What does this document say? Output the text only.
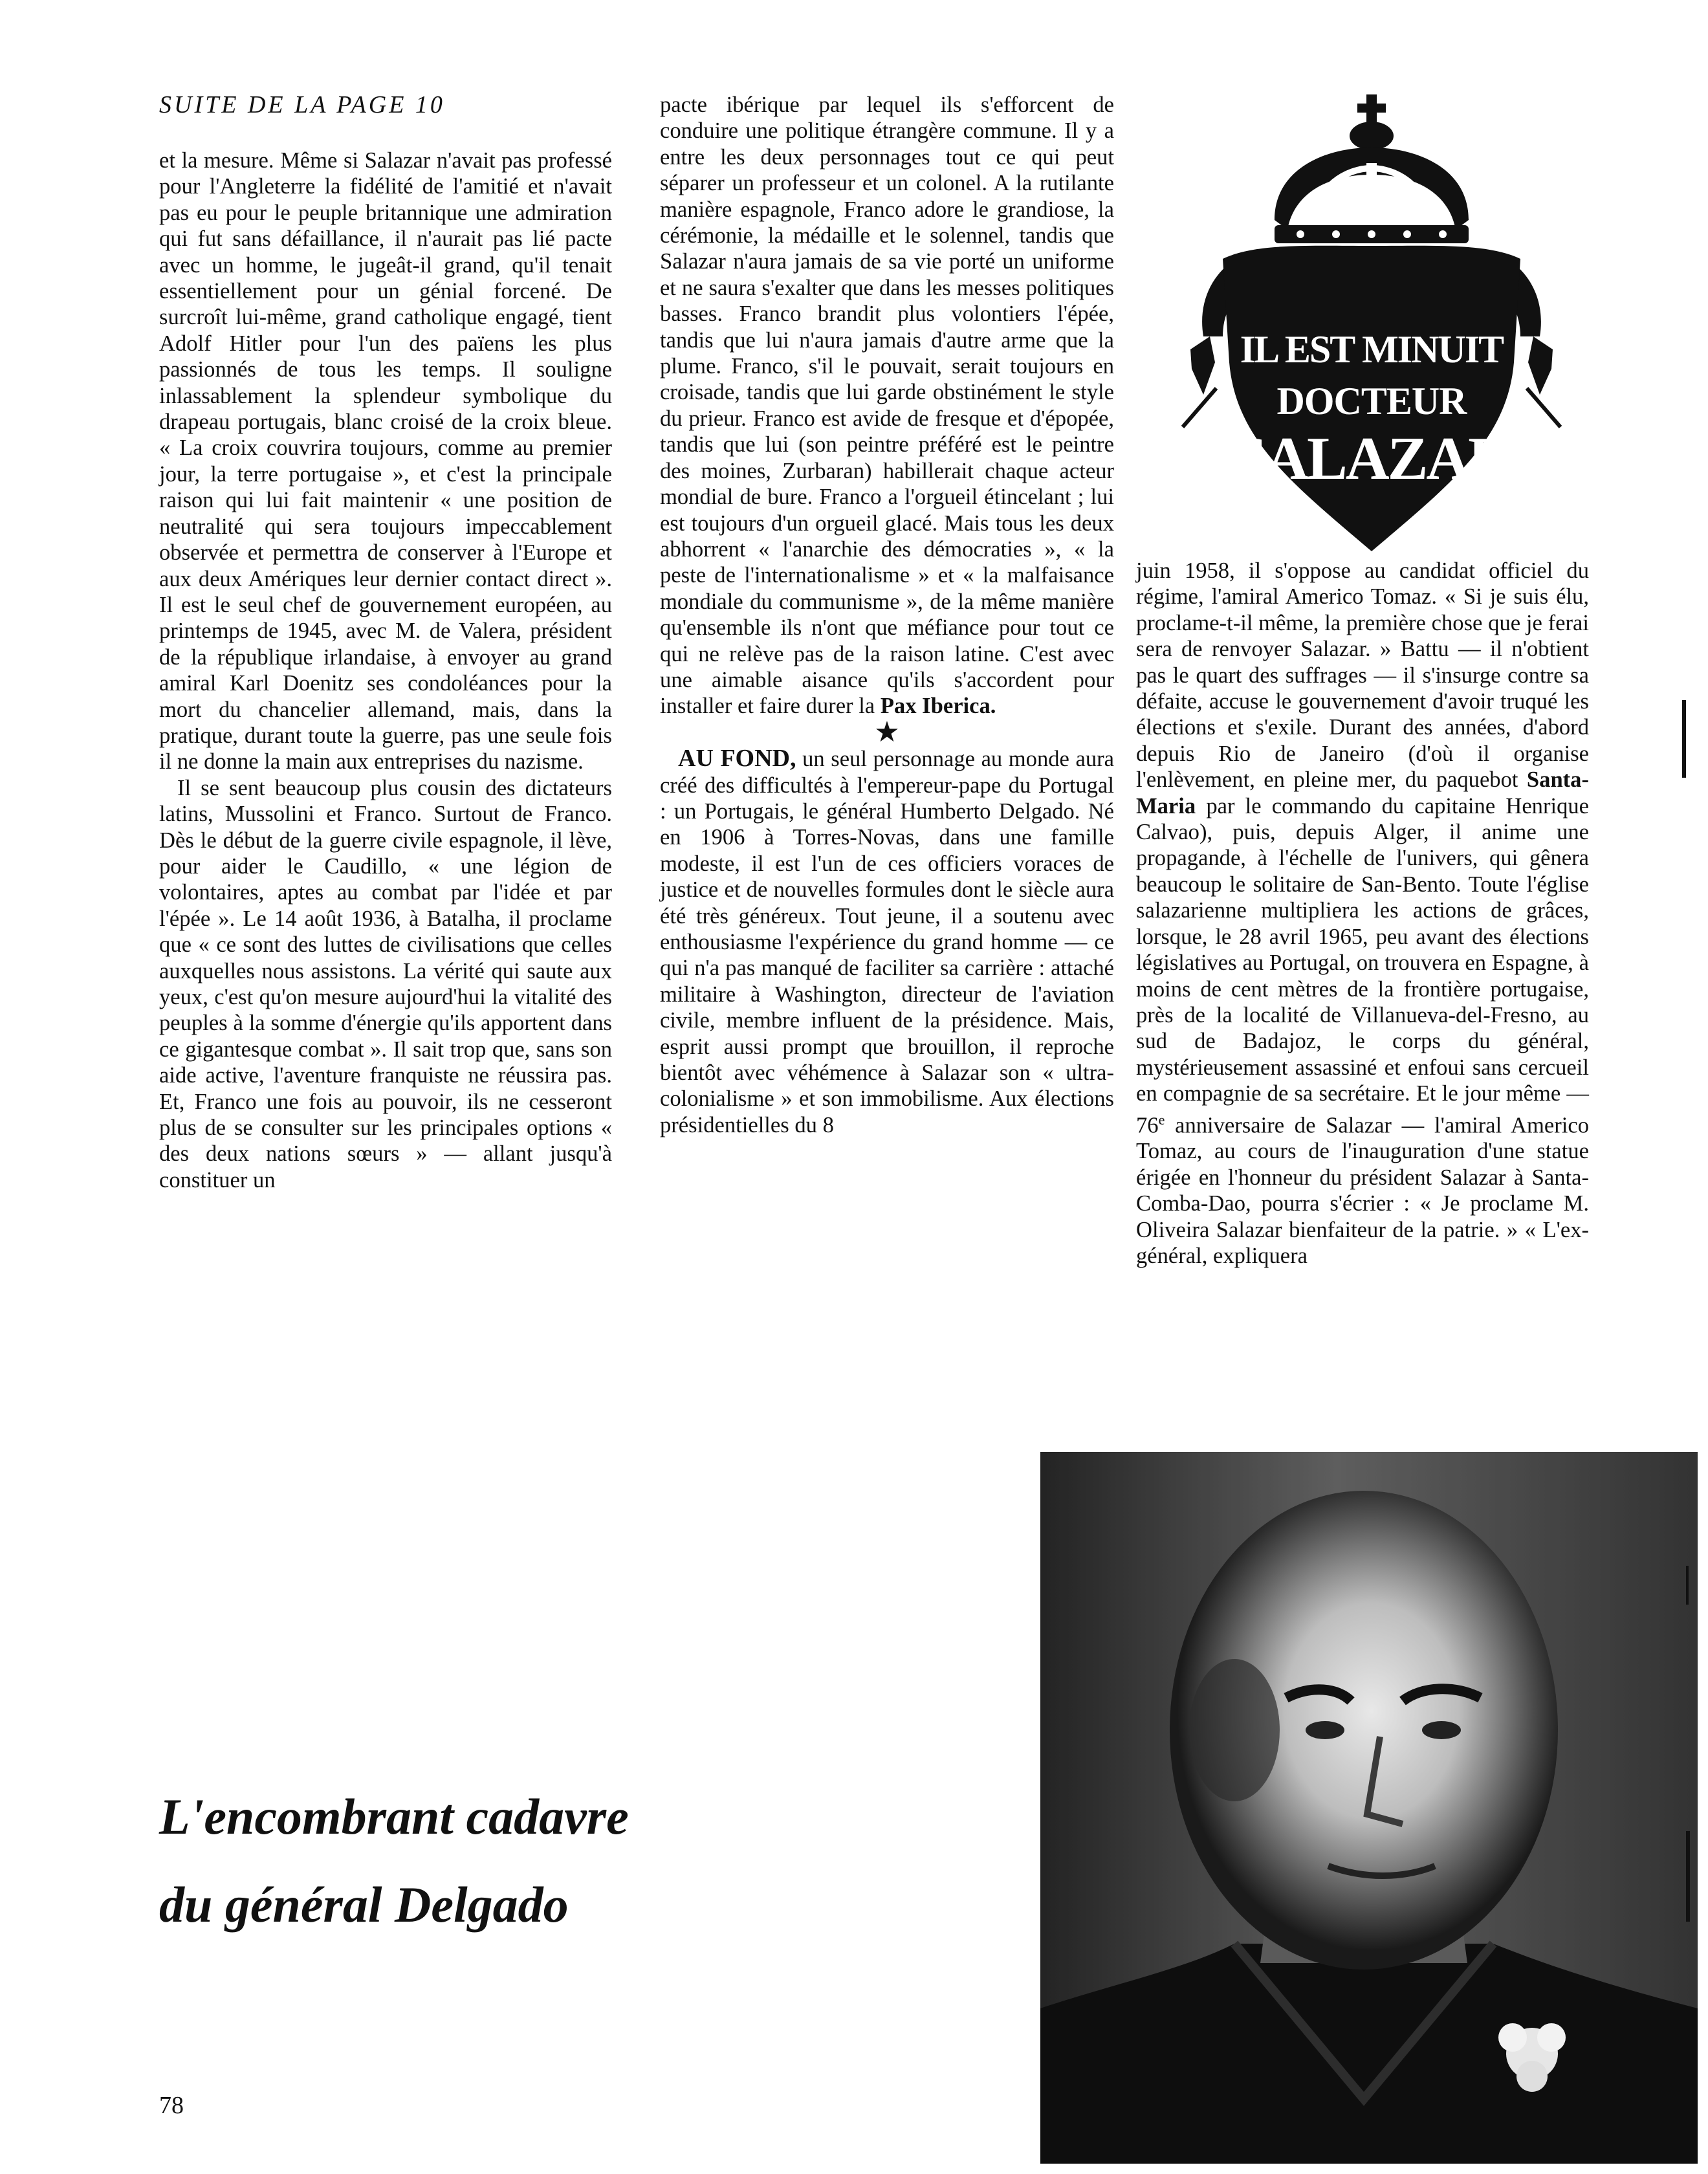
SUITE DE LA PAGE 10

et la mesure. Même si Salazar n'avait pas professé pour l'Angleterre la fidélité de l'amitié et n'avait pas eu pour le peuple britannique une admiration qui fut sans défaillance, il n'aurait pas lié pacte avec un homme, le jugeât-il grand, qu'il tenait essentiellement pour un génial forcené. De surcroît lui-même, grand catholique engagé, tient Adolf Hitler pour l'un des païens les plus passionnés de tous les temps. Il souligne inlassablement la splendeur symbolique du drapeau portugais, blanc croisé de la croix bleue. « La croix couvrira toujours, comme au premier jour, la terre portugaise », et c'est la principale raison qui lui fait maintenir « une position de neutralité qui sera toujours impeccablement observée et permettra de conserver à l'Europe et aux deux Amériques leur dernier contact direct ». Il est le seul chef de gouvernement européen, au printemps de 1945, avec M. de Valera, président de la république irlandaise, à envoyer au grand amiral Karl Doenitz ses condoléances pour la mort du chancelier allemand, mais, dans la pratique, durant toute la guerre, pas une seule fois il ne donne la main aux entreprises du nazisme.

Il se sent beaucoup plus cousin des dictateurs latins, Mussolini et Franco. Surtout de Franco. Dès le début de la guerre civile espagnole, il lève, pour aider le Caudillo, « une légion de volontaires, aptes au combat par l'idée et par l'épée ». Le 14 août 1936, à Batalha, il proclame que « ce sont des luttes de civilisations que celles auxquelles nous assistons. La vérité qui saute aux yeux, c'est qu'on mesure aujourd'hui la vitalité des peuples à la somme d'énergie qu'ils apportent dans ce gigantesque combat ». Il sait trop que, sans son aide active, l'aventure franquiste ne réussira pas. Et, Franco une fois au pouvoir, ils ne cesseront plus de se consulter sur les principales options « des deux nations sœurs » — allant jusqu'à constituer un

pacte ibérique par lequel ils s'efforcent de conduire une politique étrangère commune. Il y a entre les deux personnages tout ce qui peut séparer un professeur et un colonel. A la rutilante manière espagnole, Franco adore le grandiose, la cérémonie, la médaille et le solennel, tandis que Salazar n'aura jamais de sa vie porté un uniforme et ne saura s'exalter que dans les messes politiques basses. Franco brandit plus volontiers l'épée, tandis que lui n'aura jamais d'autre arme que la plume. Franco, s'il le pouvait, serait toujours en croisade, tandis que lui garde obstinément le style du prieur. Franco est avide de fresque et d'épopée, tandis que lui (son peintre préféré est le peintre des moines, Zurbaran) habillerait chaque acteur mondial de bure. Franco a l'orgueil étincelant ; lui est toujours d'un orgueil glacé. Mais tous les deux abhorrent « l'anarchie des démocraties », « la peste de l'internationalisme » et « la malfaisance mondiale du communisme », de la même manière qu'ensemble ils n'ont que méfiance pour tout ce qui ne relève pas de la raison latine. C'est avec une aimable aisance qu'ils s'accordent pour installer et faire durer la Pax Iberica.

★

AU FOND, un seul personnage au monde aura créé des difficultés à l'empereur-pape du Portugal : un Portugais, le général Humberto Delgado. Né en 1906 à Torres-Novas, dans une famille modeste, il est l'un de ces officiers voraces de justice et de nouvelles formules dont le siècle aura été très généreux. Tout jeune, il a soutenu avec enthousiasme l'expérience du grand homme — ce qui n'a pas manqué de faciliter sa carrière : attaché militaire à Washington, directeur de l'aviation civile, membre influent de la présidence. Mais, esprit aussi prompt que brouillon, il reproche bientôt avec véhémence à Salazar son « ultra-colonialisme » et son immobilisme. Aux élections présidentielles du 8

IL EST MINUIT
DOCTEUR
SALAZAR

juin 1958, il s'oppose au candidat officiel du régime, l'amiral Americo Tomaz. « Si je suis élu, proclame-t-il même, la première chose que je ferai sera de renvoyer Salazar. » Battu — il n'obtient pas le quart des suffrages — il s'insurge contre sa défaite, accuse le gouvernement d'avoir truqué les élections et s'exile. Durant des années, d'abord depuis Rio de Janeiro (d'où il organise l'enlèvement, en pleine mer, du paquebot Santa-Maria par le commando du capitaine Henrique Calvao), puis, depuis Alger, il anime une propagande, à l'échelle de l'univers, qui gênera beaucoup le solitaire de San-Bento. Toute l'église salazarienne multipliera les actions de grâces, lorsque, le 28 avril 1965, peu avant des élections législatives au Portugal, on trouvera en Espagne, à moins de cent mètres de la frontière portugaise, près de la localité de Villanueva-del-Fresno, au sud de Badajoz, le corps du général, mystérieusement assassiné et enfoui sans cercueil en compagnie de sa secrétaire. Et le jour même — 76e anniversaire de Salazar — l'amiral Americo Tomaz, au cours de l'inauguration d'une statue érigée en l'honneur du président Salazar à Santa-Comba-Dao, pourra s'écrier : « Je proclame M. Oliveira Salazar bienfaiteur de la patrie. » « L'ex-général, expliquera

L'encombrant cadavre
du général Delgado

78
